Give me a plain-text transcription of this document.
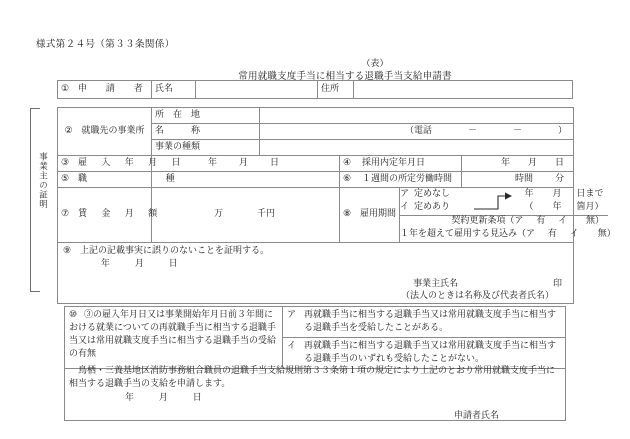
様式第２４号（第３３条関係）
（表）
常用就職支度手当に相当する退職手当支給申請書
① 申　請　者	氏名		住所	
事業主の証明
② 就職先の事業所	所　在　地	
名　　　称	（電話　　　　－　　　　－　　　　）
事業の種類	
③ 雇　入　年　月　日	年 月 日	④ 採用内定年月日	年 月 日

⑤ 職　　　　種		⑥ １週間の所定労働時間	時間 分

⑦ 賃　金　月　額	万	千円	⑧ 雇用期間	
ア	定めなし		年	月	日まで
イ	定めあり	（	年	箇月）
契約更新条項（ア 有 イ 無）
１年を超えて雇用する見込み（ア 有 イ 無）

⑨ 上記の記載事実に誤りのないことを証明する。
年	月	日
事業主氏名	印
（法人のときは名称及び代表者氏名）
⑩ ③の雇入年月日又は事業開始年月日前３年間における就業についての再就職手当に相当する退職手当又は常用就職支度手当に相当する退職手当の受給の有無	
ア 再就職手当に相当する退職手当又は常用就職支度手当に相当する退職手当を受給したことがある。

イ 再就職手当に相当する退職手当又は常用就職支度手当に相当する退職手当のいずれも受給したことがない。
鳥栖・三養基地区消防事務組合職員の退職手当支給規則第３３条第１項の規定により上記のとおり常用就職支度手当に相当する退職手当の支給を申請します。
年	月	日
申請者氏名
